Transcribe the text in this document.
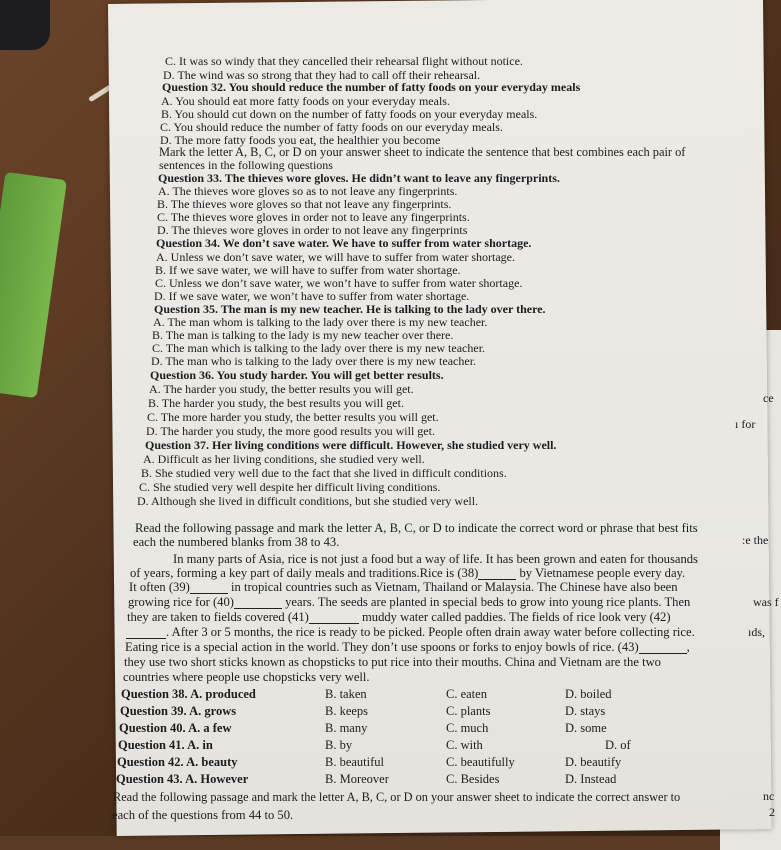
C. It was so windy that they cancelled their rehearsal flight without notice.
D. The wind was so strong that they had to call off their rehearsal.
Question 32. You should reduce the number of fatty foods on your everyday meals
A. You should eat more fatty foods on your everyday meals.
B. You should cut down on the number of fatty foods on your everyday meals.
C. You should reduce the number of fatty foods on our everyday meals.
D. The more fatty foods you eat, the healthier you become
Mark the letter A, B, C, or D on your answer sheet to indicate the sentence that best combines each pair of
sentences in the following questions
Question 33. The thieves wore gloves. He didn’t want to leave any fingerprints.
A. The thieves wore gloves so as to not leave any fingerprints.
B. The thieves wore gloves so that not leave any fingerprints.
C. The thieves wore gloves in order not to leave any fingerprints.
D. The thieves wore gloves in order to not leave any fingerprints
Question 34. We don’t save water. We have to suffer from water shortage.
A. Unless we don’t save water, we will have to suffer from water shortage.
B. If we save water, we will have to suffer from water shortage.
C. Unless we don’t save water, we won’t have to suffer from water shortage.
D. If we save water, we won’t have to suffer from water shortage.
Question 35. The man is my new teacher. He is talking to the lady over there.
A. The man whom is talking to the lady over there is my new teacher.
B. The man is talking to the lady is my new teacher over there.
C. The man which is talking to the lady over there is my new teacher.
D. The man who is talking to the lady over there is my new teacher.
Question 36. You study harder. You will get better results.
A. The harder you study, the better results you will get.
B. The harder you study, the best results you will get.
C. The more harder you study, the better results you will get.
D. The harder you study, the more good results you will get.
Question 37. Her living conditions were difficult. However, she studied very well.
A. Difficult as her living conditions, she studied very well.
B. She studied very well due to the fact that she lived in difficult conditions.
C. She studied very well despite her difficult living conditions.
D. Although she lived in difficult conditions, but she studied very well.
Read the following passage and mark the letter A, B, C, or D to indicate the correct word or phrase that best fits
each the numbered blanks from 38 to 43.
In many parts of Asia, rice is not just a food but a way of life. It has been grown and eaten for thousands
of years, forming a key part of daily meals and traditions.Rice is (38)	by Vietnamese people every day.
It often (39)	in tropical countries such as Vietnam, Thailand or Malaysia. The Chinese have also been
growing rice for (40)	years. The seeds are planted in special beds to grow into young rice plants. Then
they are taken to fields covered (41)	muddy water called paddies. The fields of rice look very (42)
. After 3 or 5 months, the rice is ready to be picked. People often drain away water before collecting rice.
Eating rice is a special action in the world. They don’t use spoons or forks to enjoy bowls of rice. (43)	,
they use two short sticks known as chopsticks to put rice into their mouths. China and Vietnam are the two
countries where people use chopsticks very well.
Question 38. A. produced	B. taken	C. eaten	D. boiled
Question 39. A. grows	B. keeps	C. plants	D. stays
Question 40. A. a few	B. many	C. much	D. some
Question 41. A. in	B. by	C. with	D. of
Question 42. A. beauty	B. beautiful	C. beautifully	D. beautify
Question 43. A. However	B. Moreover	C. Besides	D. Instead
Read the following passage and mark the letter A, B, C, or D on your answer sheet to indicate the correct answer to
each of the questions from 44 to 50.
ce
ı for
:e the
was f
ıds,
nc
2
